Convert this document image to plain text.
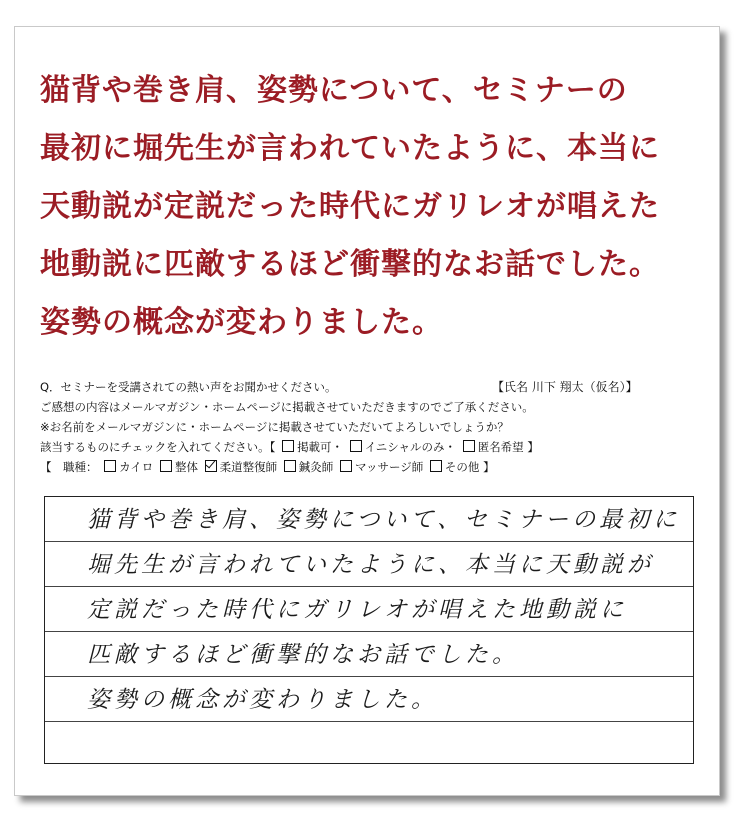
猫背や巻き肩、姿勢について、セミナーの
最初に堀先生が言われていたように、本当に
天動説が定説だった時代にガリレオが唱えた
地動説に匹敵するほど衝撃的なお話でした。
姿勢の概念が変わりました。
Q．セミナーを受講されての熱い声をお聞かせください。	【氏名 川下 翔太（仮名）】
ご感想の内容はメールマガジン・ホームページに掲載させていただきますのでご了承ください。
※お名前をメールマガジンに・ホームページに掲載させていただいてよろしいでしょうか？
該当するものにチェックを入れてください。【 掲載可・ イニシャルのみ・ 匿名希望 】
【　職種： カイロ 整体 柔道整復師 鍼灸師 マッサージ師 その他 】
猫背や巻き肩、姿勢について、セミナーの最初に
堀先生が言われていたように、本当に天動説が
定説だった時代にガリレオが唱えた地動説に
匹敵するほど衝撃的なお話でした。
姿勢の概念が変わりました。
